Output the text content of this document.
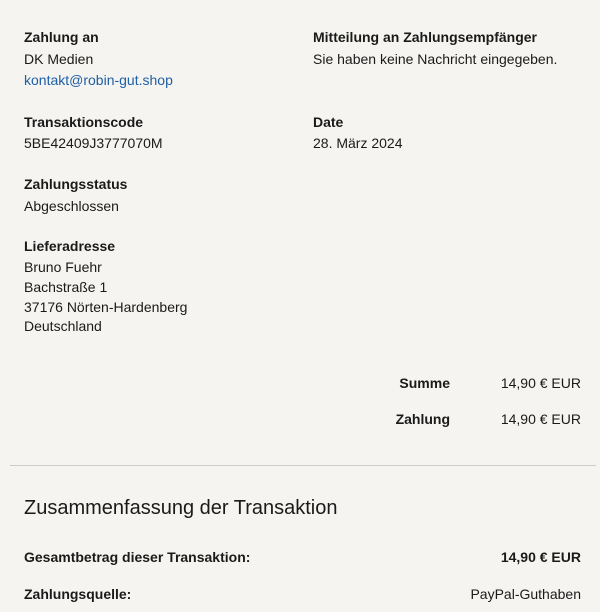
Zahlung an
DK Medien
kontakt@robin-gut.shop
Mitteilung an Zahlungsempfänger
Sie haben keine Nachricht eingegeben.
Transaktionscode
5BE42409J3777070M
Date
28. März 2024
Zahlungsstatus
Abgeschlossen
Lieferadresse
Bruno Fuehr
Bachstraße 1
37176 Nörten-Hardenberg
Deutschland
Summe	14,90 € EUR
Zahlung	14,90 € EUR
Zusammenfassung der Transaktion
Gesamtbetrag dieser Transaktion:	14,90 € EUR
Zahlungsquelle:	PayPal-Guthaben
